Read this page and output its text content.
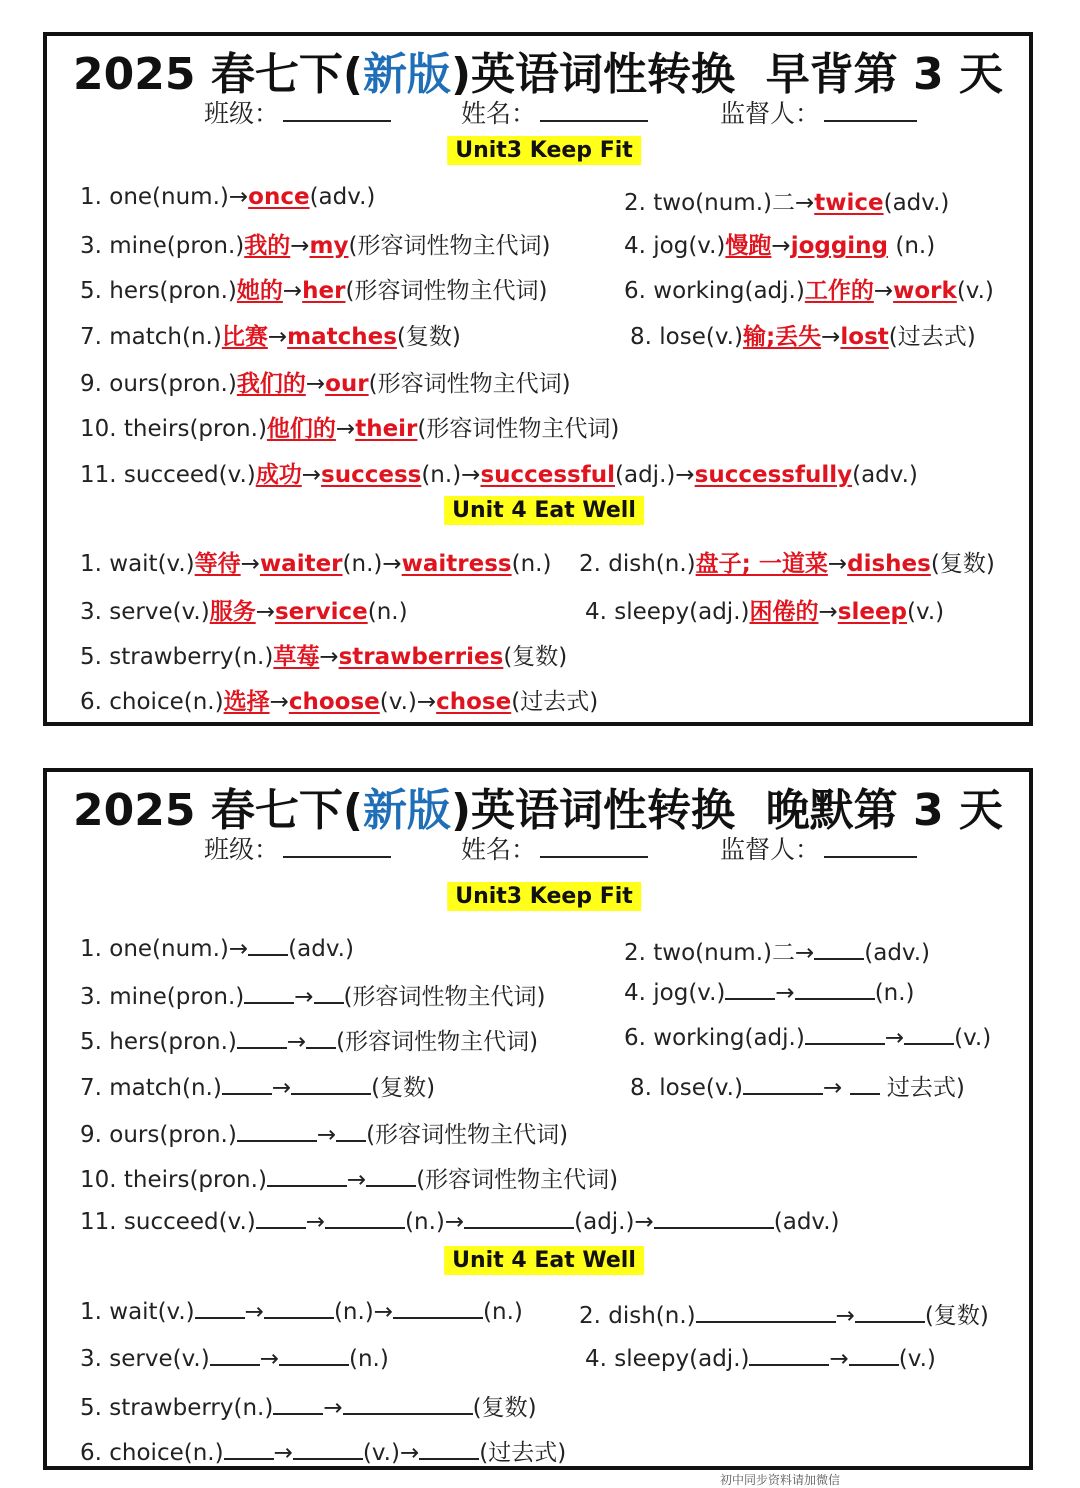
2025 春七下(新版)英语词性转换 早背第 3 天
班级：	姓名：	监督人：
Unit3 Keep Fit
1. one(num.)→once(adv.)	2. two(num.)二→twice(adv.)
3. mine(pron.)我的→my(形容词性物主代词)	4. jog(v.)慢跑→jogging (n.)
5. hers(pron.)她的→her(形容词性物主代词)	6. working(adj.)工作的→work(v.)
7. match(n.)比赛→matches(复数)	8. lose(v.)输;丢失→lost(过去式)
9. ours(pron.)我们的→our(形容词性物主代词)
10. theirs(pron.)他们的→their(形容词性物主代词)
11. succeed(v.)成功→success(n.)→successful(adj.)→successfully(adv.)
Unit 4 Eat Well
1. wait(v.)等待→waiter(n.)→waitress(n.) 2. dish(n.)盘子; 一道菜→dishes(复数)
3. serve(v.)服务→service(n.)	4. sleepy(adj.)困倦的→sleep(v.)
5. strawberry(n.)草莓→strawberries(复数)
6. choice(n.)选择→choose(v.)→chose(过去式)
2025 春七下(新版)英语词性转换 晚默第 3 天
班级：	姓名：	监督人：
Unit3 Keep Fit
1. one(num.)→ (adv.)	2. two(num.)二→ (adv.)
3. mine(pron.) → (形容词性物主代词)	4. jog(v.) →	(n.)
5. hers(pron.) → (形容词性物主代词)	6. working(adj.)	→ (v.)
7. match(n.) →	(复数)	8. lose(v.)	→  过去式)
9. ours(pron.)	→ (形容词性物主代词)
10. theirs(pron.)	→ (形容词性物主代词)
11. succeed(v.) →	(n.)→	(adj.)→	(adv.)
Unit 4 Eat Well
1. wait(v.) →	(n.)→	(n.) 2. dish(n.)	→	(复数)
3. serve(v.) →	(n.)	4. sleepy(adj.)	→ (v.)
5. strawberry(n.) →	(复数)
6. choice(n.) →	(v.)→	(过去式)
初中同步资料请加微信
